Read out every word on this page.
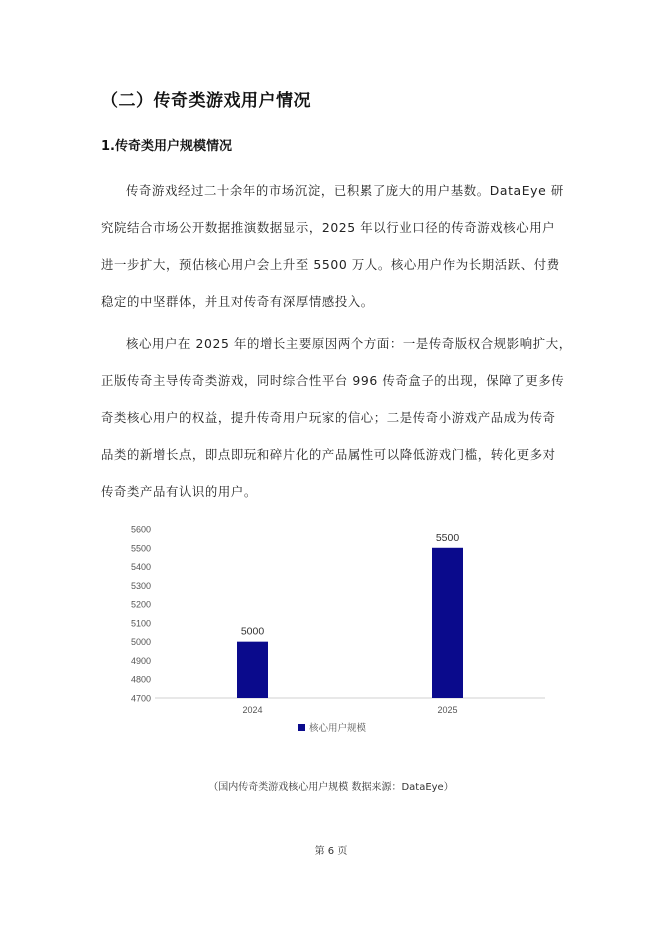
（二）传奇类游戏用户情况
1.传奇类用户规模情况
传奇游戏经过二十余年的市场沉淀，已积累了庞大的用户基数。DataEye 研
究院结合市场公开数据推演数据显示，2025 年以行业口径的传奇游戏核心用户
进一步扩大，预估核心用户会上升至 5500 万人。核心用户作为长期活跃、付费
稳定的中坚群体，并且对传奇有深厚情感投入。
核心用户在 2025 年的增长主要原因两个方面：一是传奇版权合规影响扩大，
正版传奇主导传奇类游戏，同时综合性平台 996 传奇盒子的出现，保障了更多传
奇类核心用户的权益，提升传奇用户玩家的信心；二是传奇小游戏产品成为传奇
品类的新增长点，即点即玩和碎片化的产品属性可以降低游戏门槛，转化更多对
传奇类产品有认识的用户。
4700
4800
4900
5000
5100
5200
5300
5400
5500
5600
5000
2024
5500
2025
核心用户规模
（国内传奇类游戏核心用户规模 数据来源：DataEye）
第 6 页
